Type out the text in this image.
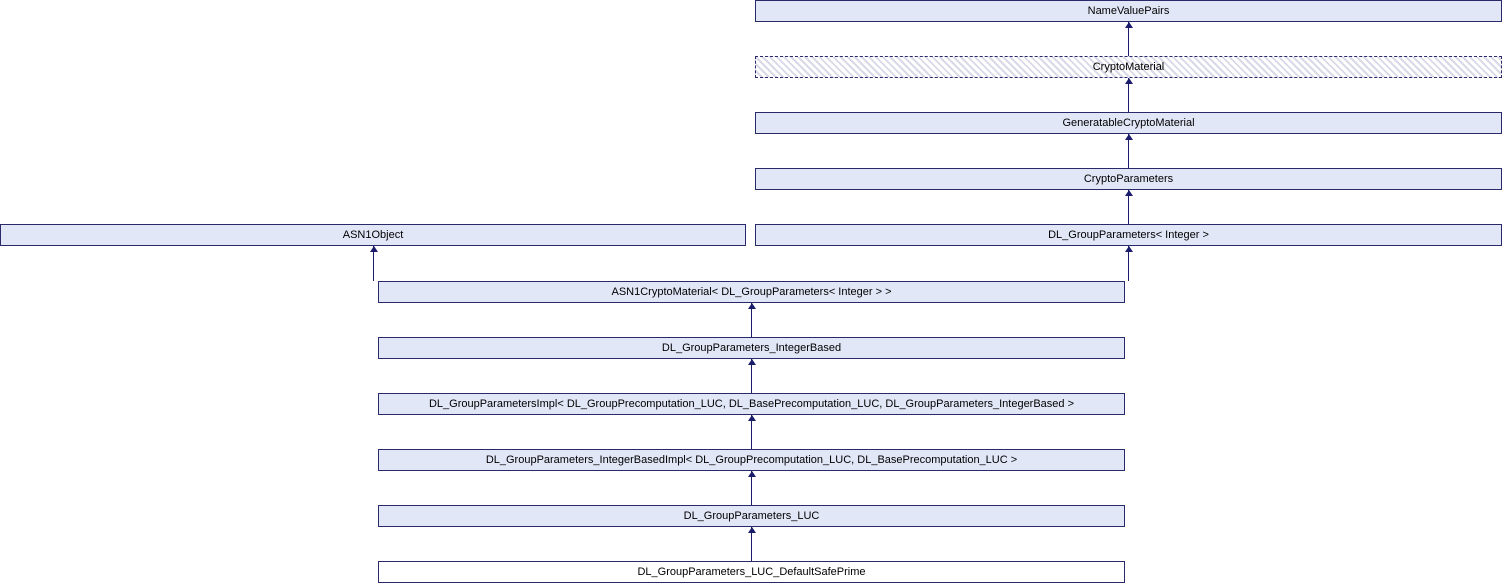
NameValuePairs
CryptoMaterial
GeneratableCryptoMaterial
CryptoParameters
ASN1Object	DL_GroupParameters< Integer >
ASN1CryptoMaterial< DL_GroupParameters< Integer > >
DL_GroupParameters_IntegerBased
DL_GroupParametersImpl< DL_GroupPrecomputation_LUC, DL_BasePrecomputation_LUC, DL_GroupParameters_IntegerBased >
DL_GroupParameters_IntegerBasedImpl< DL_GroupPrecomputation_LUC, DL_BasePrecomputation_LUC >
DL_GroupParameters_LUC
DL_GroupParameters_LUC_DefaultSafePrime
